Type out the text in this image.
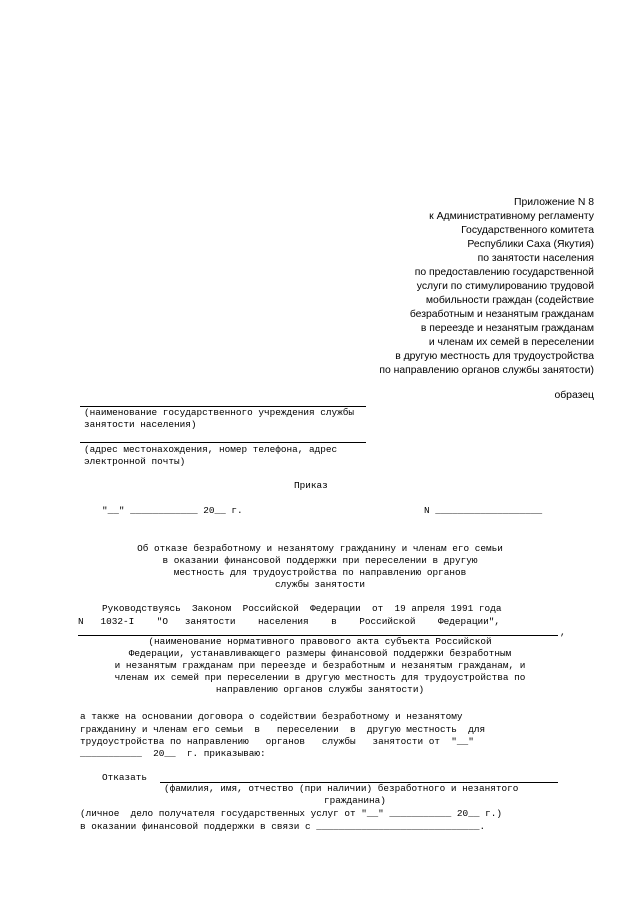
Приложение N 8
к Административному регламенту
Государственного комитета
Республики Саха (Якутия)
по занятости населения
по предоставлению государственной
услуги по стимулированию трудовой
мобильности граждан (содействие
безработным и незанятым гражданам
в переезде и незанятым гражданам
и членам их семей в переселении
в другую местность для трудоустройства
по направлению органов службы занятости)
образец
(наименование государственного учреждения службы
занятости населения)
(адрес местонахождения, номер телефона, адрес
электронной почты)
Приказ
"__" ____________ 20__ г.	N ___________________
Об отказе безработному и незанятому гражданину и членам его семьи
в оказании финансовой поддержки при переселении в другую
местность для трудоустройства по направлению органов
службы занятости
Руководствуясь  Законом  Российской  Федерации  от  19 апреля 1991 года
N   1032-I    "О   занятости    населения    в    Российской    Федерации",
,
(наименование нормативного правового акта субъекта Российской
Федерации, устанавливающего размеры финансовой поддержки безработным
и незанятым гражданам при переезде и безработным и незанятым гражданам, и
членам их семей при переселении в другую местность для трудоустройства по
направлению органов службы занятости)
а также на основании договора о содействии безработному и незанятому
гражданину и членам его семьи  в   переселении  в  другую местность  для
трудоустройства по направлению   органов   службы   занятости от  "__"
___________  20__  г. приказываю:
Отказать
(фамилия, имя, отчество (при наличии) безработного и незанятого
гражданина)
(личное  дело получателя государственных услуг от "__" ___________ 20__ г.)
в оказании финансовой поддержки в связи с _____________________________.
